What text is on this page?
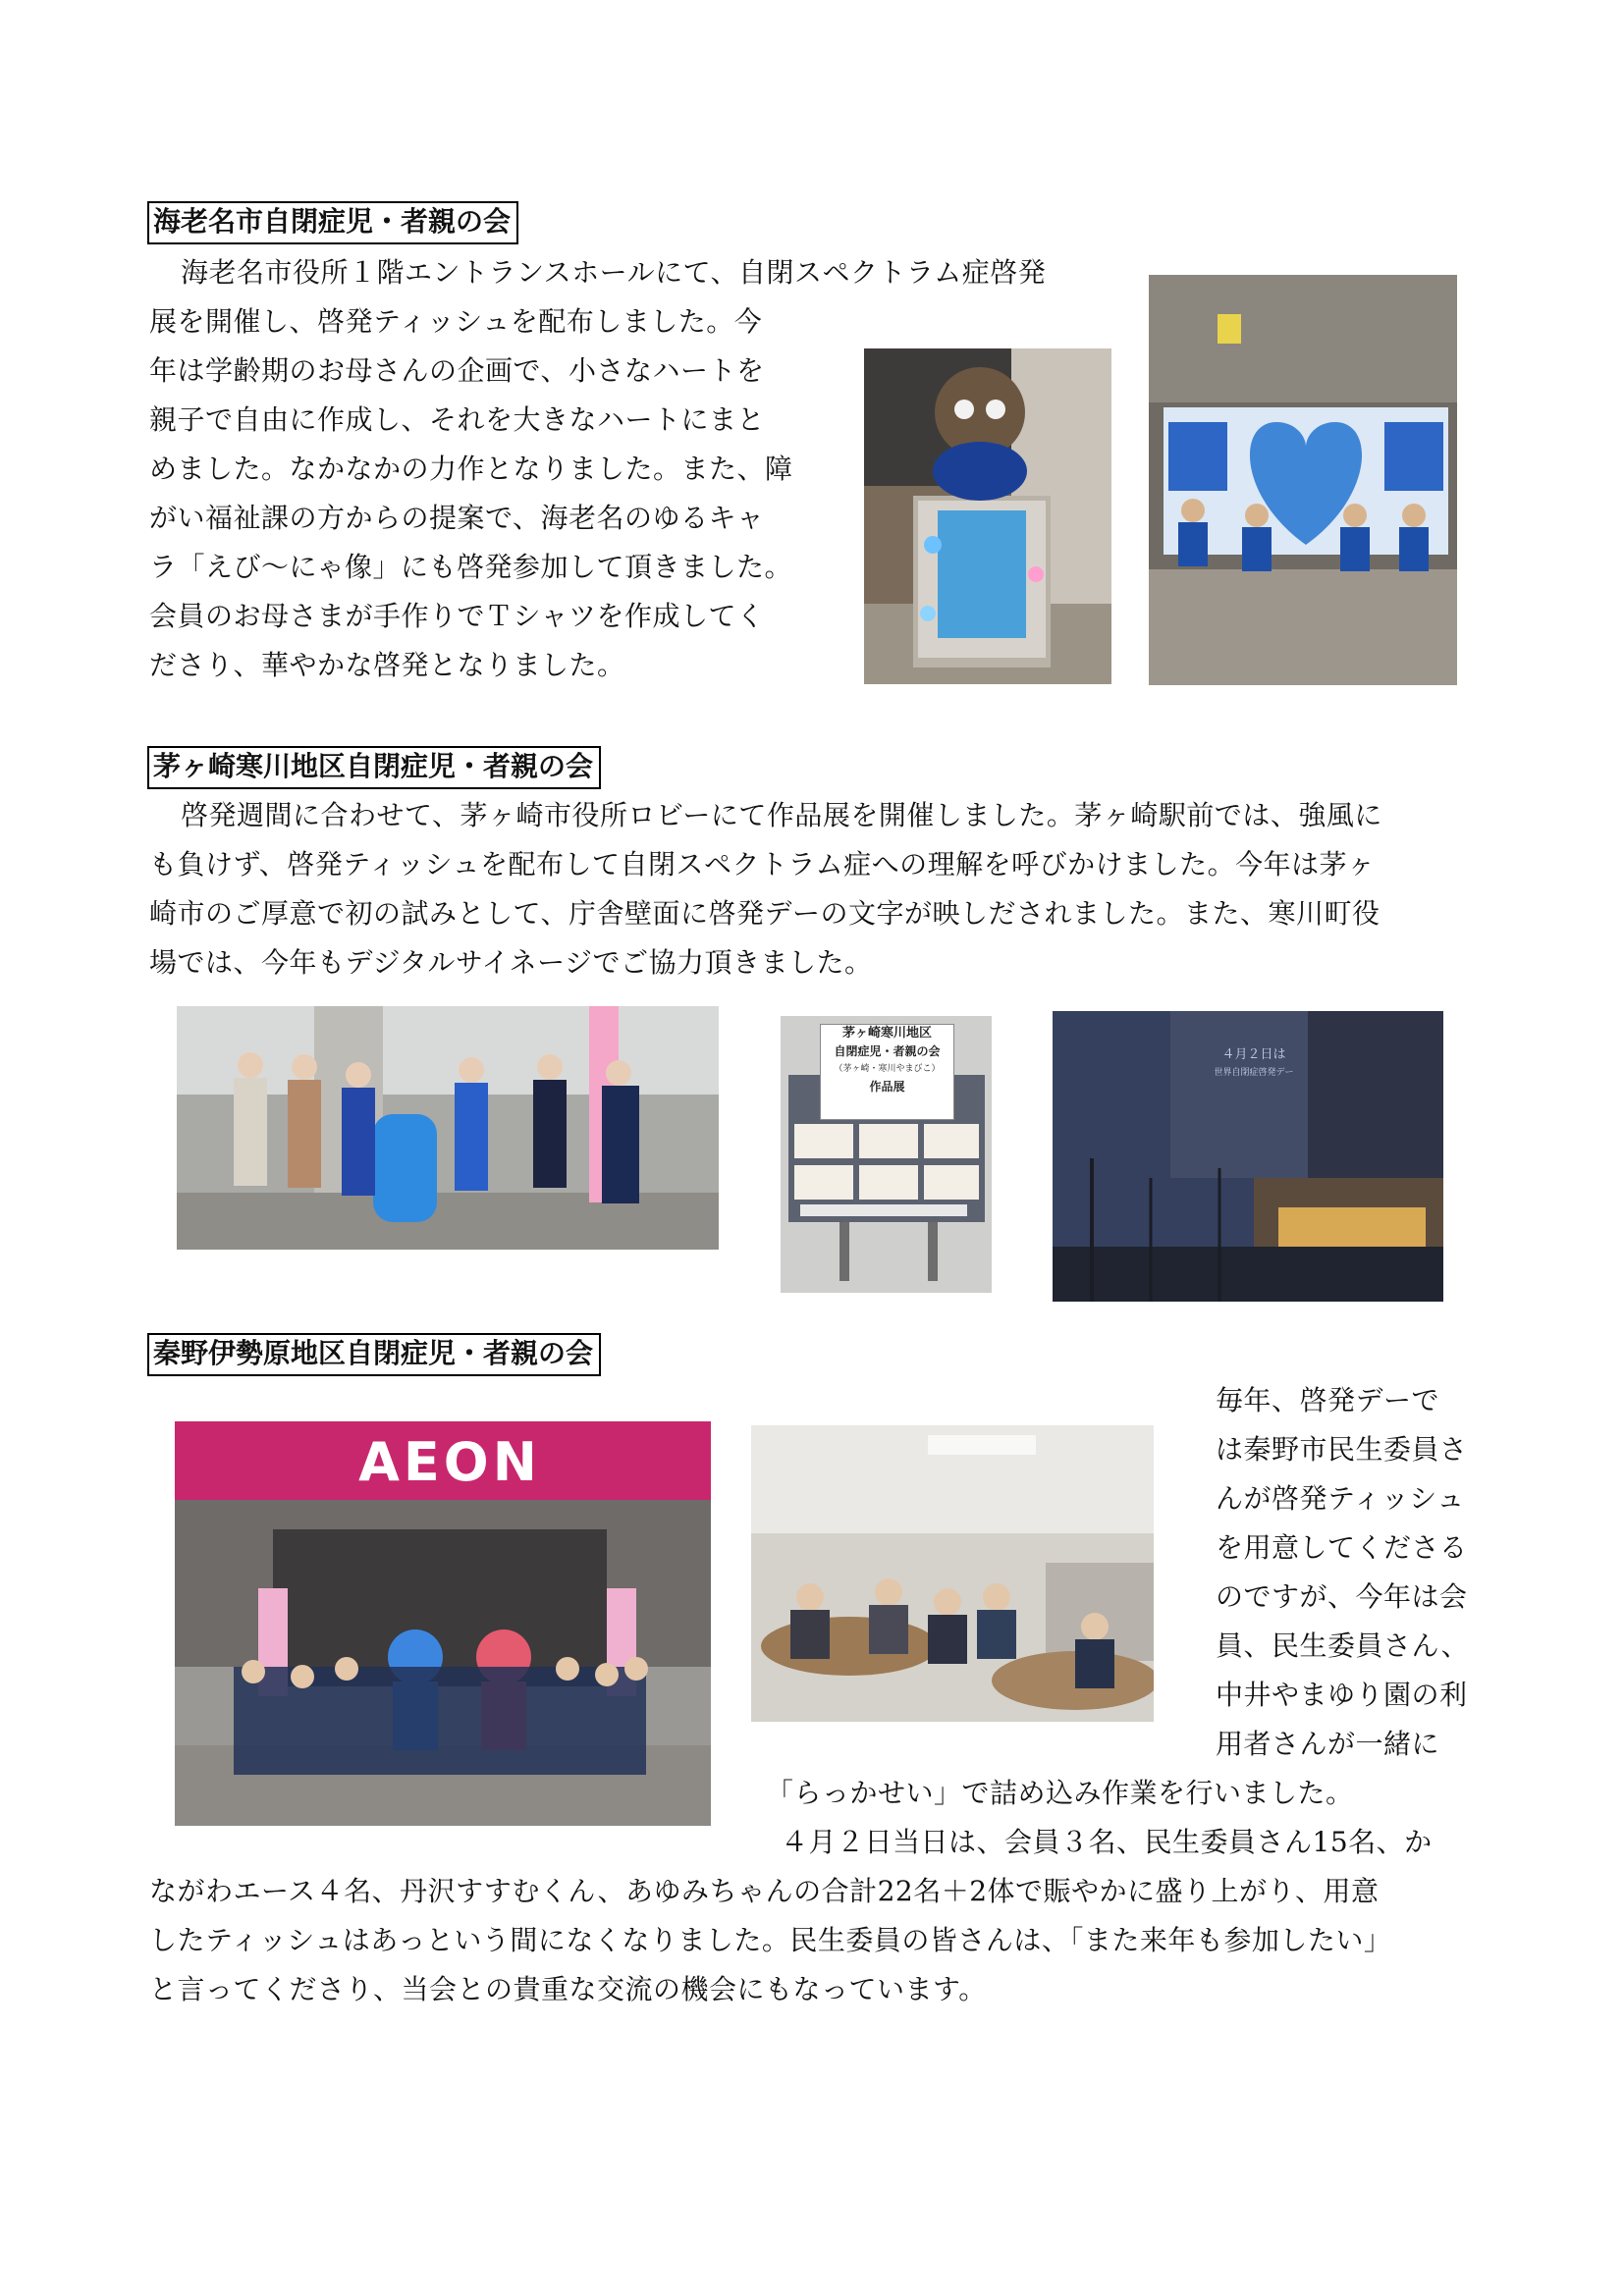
海老名市自閉症児・者親の会
海老名市役所１階エントランスホールにて、自閉スペクトラム症啓発
展を開催し、啓発ティッシュを配布しました。今
年は学齢期のお母さんの企画で、小さなハートを
親子で自由に作成し、それを大きなハートにまと
めました。なかなかの力作となりました。また、障
がい福祉課の方からの提案で、海老名のゆるキャ
ラ「えび～にゃ像」にも啓発参加して頂きました。
会員のお母さまが手作りでＴシャツを作成してく
ださり、華やかな啓発となりました。
茅ヶ崎寒川地区自閉症児・者親の会
啓発週間に合わせて、茅ヶ崎市役所ロビーにて作品展を開催しました。茅ヶ崎駅前では、強風に
も負けず、啓発ティッシュを配布して自閉スペクトラム症への理解を呼びかけました。今年は茅ヶ
崎市のご厚意で初の試みとして、庁舎壁面に啓発デーの文字が映しだされました。また、寒川町役
場では、今年もデジタルサイネージでご協力頂きました。
茅ヶ崎寒川地区
自閉症児・者親の会
（茅ヶ崎・寒川やまびこ）
作品展
４月２日は
世界自閉症啓発デー
秦野伊勢原地区自閉症児・者親の会
AEON
毎年、啓発デーで
は秦野市民生委員さ
んが啓発ティッシュ
を用意してくださる
のですが、今年は会
員、民生委員さん、
中井やまゆり園の利
用者さんが一緒に
「らっかせい」で詰め込み作業を行いました。
４月２日当日は、会員３名、民生委員さん15名、か
ながわエース４名、丹沢すすむくん、あゆみちゃんの合計22名＋2体で賑やかに盛り上がり、用意
したティッシュはあっという間になくなりました。民生委員の皆さんは、「また来年も参加したい」
と言ってくださり、当会との貴重な交流の機会にもなっています。
